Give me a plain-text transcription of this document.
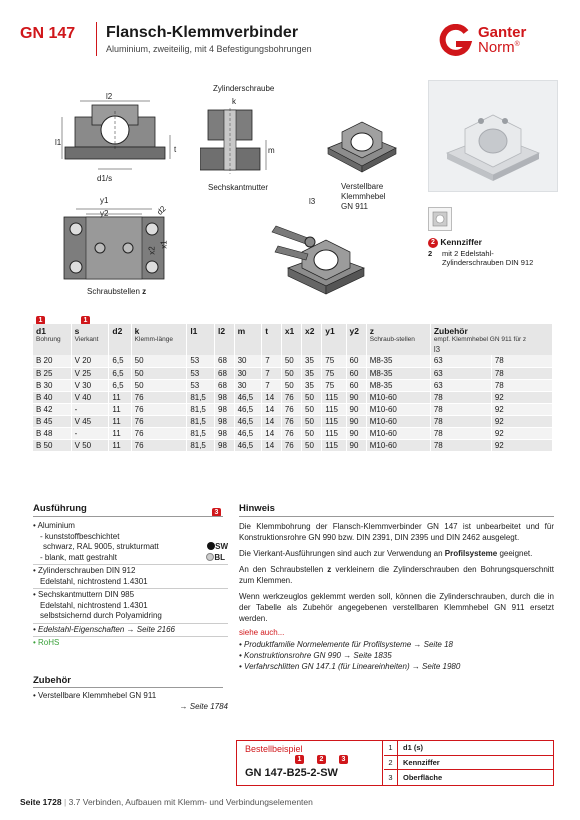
GN 147 Flansch-Klemmverbinder
Aluminium, zweiteilig, mit 4 Befestigungsbohrungen
Ganter
Norm®
l2
l1
d1/s
t
Zylinderschraube
k
m
Sechskantmutter
y1
y2	d2
x2
x1
Schraubstellen z
l3
Verstellbare
Klemmhebel
GN 911
2 Kennziffer
2 mit 2 Edelstahl-
Zylinderschrauben DIN 912
1	1
d1
Bohrung	s
Vierkant	d2	k
Klemm-länge	l1	l2	m	t	x1	x2	y1	y2	z
Schraub-stellen	Zubehör
empf. Klemmhebel GN 911 für z
l3	

B 20	V 20	6,5	50	53	68	30	7	50	35	75	60	M8-35	63	78
B 25	V 25	6,5	50	53	68	30	7	50	35	75	60	M8-35	63	78
B 30	V 30	6,5	50	53	68	30	7	50	35	75	60	M8-35	63	78
B 40	V 40	11	76	81,5	98	46,5	14	76	50	115	90	M10-60	78	92
B 42	-	11	76	81,5	98	46,5	14	76	50	115	90	M10-60	78	92
B 45	V 45	11	76	81,5	98	46,5	14	76	50	115	90	M10-60	78	92
B 48	-	11	76	81,5	98	46,5	14	76	50	115	90	M10-60	78	92
B 50	V 50	11	76	81,5	98	46,5	14	76	50	115	90	M10-60	78	92
Ausführung	3
• Aluminium
- kunststoffbeschichtet
schwarz, RAL 9005, strukturmatt	SW
- blank, matt gestrahlt	BL
• Zylinderschrauben DIN 912
Edelstahl, nichtrostend 1.4301
• Sechskantmuttern DIN 985
Edelstahl, nichtrostend 1.4301
selbstsichernd durch Polyamidring
• Edelstahl-Eigenschaften → Seite 2166
• RoHS
Zubehör
• Verstellbare Klemmhebel GN 911
→ Seite 1784
Hinweis

Die Klemmbohrung der Flansch-Klemmverbinder GN 147 ist unbearbeitet und für Konstruktionsrohre GN 990 bzw. DIN 2391, DIN 2395 und DIN 2462 ausgelegt.

Die Vierkant-Ausführungen sind auch zur Verwendung an Profilsysteme geeignet.

An den Schraubstellen z verkleinern die Zylinderschrauben den Bohrungsquerschnitt zum Klemmen.

Wenn werkzeuglos geklemmt werden soll, können die Zylinderschrauben, durch die in der Tabelle als Zubehör angegebenen verstellbaren Klemmhebel GN 911 ersetzt werden.

siehe auch...

• Produktfamilie Normelemente für Profilsysteme → Seite 18
• Konstruktionsrohre GN 990 → Seite 1835
• Verfahrschlitten GN 147.1 (für Lineareinheiten) → Seite 1980
Bestellbeispiel
1	2	3
GN 147-B25-2-SW
1	d1 (s)
2	Kennziffer
3	Oberfläche
Seite 1728 | 3.7 Verbinden, Aufbauen mit Klemm- und Verbindungselementen
